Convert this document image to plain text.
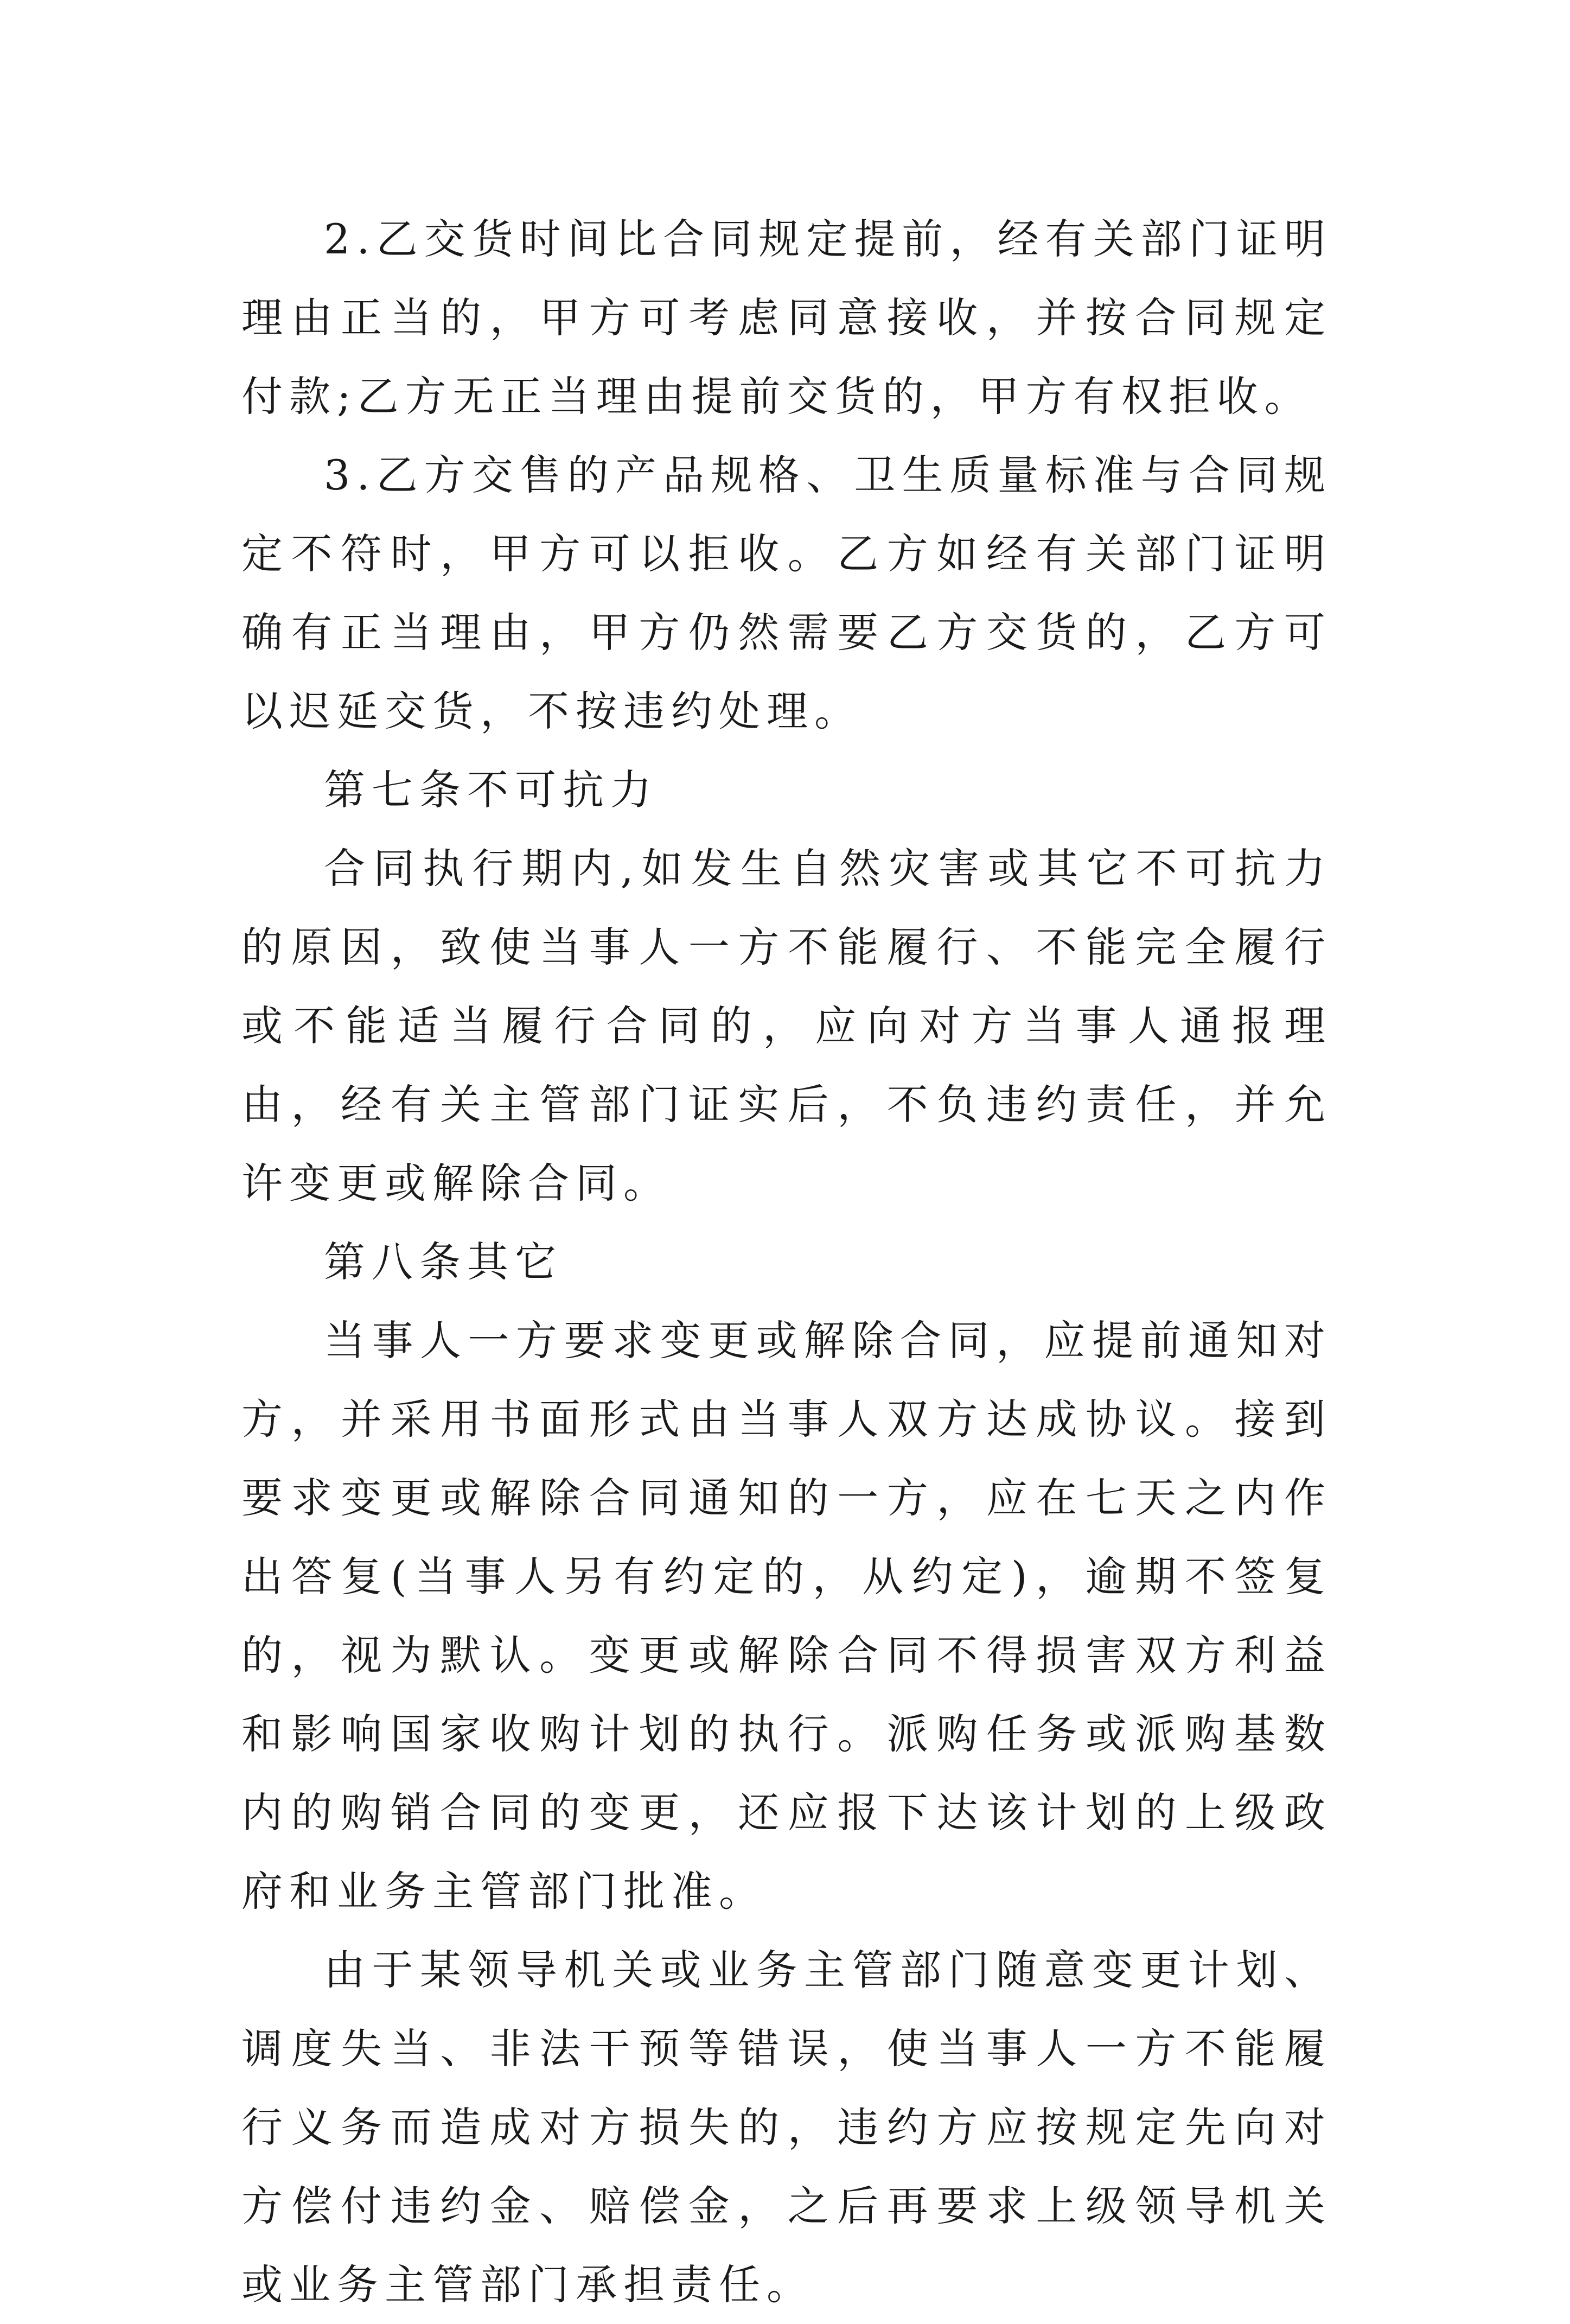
2.乙交货时间比合同规定提前，经有关部门证明理由正当的，甲方可考虑同意接收，并按合同规定付款;乙方无正当理由提前交货的，甲方有权拒收。

3.乙方交售的产品规格、卫生质量标准与合同规定不符时，甲方可以拒收。乙方如经有关部门证明确有正当理由，甲方仍然需要乙方交货的，乙方可以迟延交货，不按违约处理。

第七条不可抗力

合同执行期内,如发生自然灾害或其它不可抗力的原因，致使当事人一方不能履行、不能完全履行或不能适当履行合同的，应向对方当事人通报理由，经有关主管部门证实后，不负违约责任，并允许变更或解除合同。

第八条其它

当事人一方要求变更或解除合同，应提前通知对方，并采用书面形式由当事人双方达成协议。接到要求变更或解除合同通知的一方，应在七天之内作出答复(当事人另有约定的，从约定)，逾期不签复的，视为默认。变更或解除合同不得损害双方利益和影响国家收购计划的执行。派购任务或派购基数内的购销合同的变更，还应报下达该计划的上级政府和业务主管部门批准。

由于某领导机关或业务主管部门随意变更计划、调度失当、非法干预等错误，使当事人一方不能履行义务而造成对方损失的，违约方应按规定先向对方偿付违约金、赔偿金，之后再要求上级领导机关或业务主管部门承担责任。
